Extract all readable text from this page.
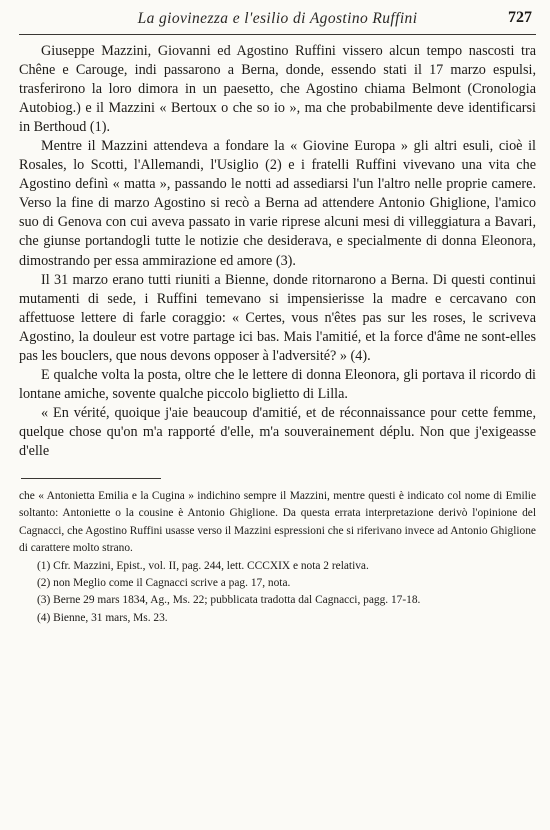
La giovinezza e l'esilio di Agostino Ruffini	727

Giuseppe Mazzini, Giovanni ed Agostino Ruffini vissero alcun tempo nascosti tra Chêne e Carouge, indi passarono a Berna, donde, essendo stati il 17 marzo espulsi, trasferirono la loro dimora in un paesetto, che Agostino chiama Belmont (Cronologia Autobiog.) e il Mazzini « Bertoux o che so io », ma che probabilmente deve identificarsi in Berthoud (1).

Mentre il Mazzini attendeva a fondare la « Giovine Europa » gli altri esuli, cioè il Rosales, lo Scotti, l'Allemandi, l'Usiglio (2) e i fratelli Ruffini vivevano una vita che Agostino definì « matta », passando le notti ad assediarsi l'un l'altro nelle proprie camere. Verso la fine di marzo Agostino si recò a Berna ad attendere Antonio Ghiglione, l'amico suo di Genova con cui aveva passato in varie riprese alcuni mesi di villeggiatura a Bavari, che giunse portandogli tutte le notizie che desiderava, e specialmente di donna Eleonora, dimostrando per essa ammirazione ed amore (3).

Il 31 marzo erano tutti riuniti a Bienne, donde ritornarono a Berna. Di questi continui mutamenti di sede, i Ruffini temevano si impensierisse la madre e cercavano con affettuose lettere di farle coraggio: « Certes, vous n'êtes pas sur les roses, le scriveva Agostino, la douleur est votre partage ici bas. Mais l'amitié, et la force d'âme ne sont-elles pas les bouclers, que nous devons opposer à l'adversité? » (4).

E qualche volta la posta, oltre che le lettere di donna Eleonora, gli portava il ricordo di lontane amiche, sovente qualche piccolo biglietto di Lilla.

« En vérité, quoique j'aie beaucoup d'amitié, et de réconnaissance pour cette femme, quelque chose qu'on m'a rapporté d'elle, m'a souverainement déplu. Non que j'exigeasse d'elle

che « Antonietta Emilia e la Cugina » indichino sempre il Mazzini, mentre questi è indicato col nome di Emilie soltanto: Antoniette o la cousine è Antonio Ghiglione. Da questa errata interpretazione derivò l'opinione del Cagnacci, che Agostino Ruffini usasse verso il Mazzini espressioni che si riferivano invece ad Antonio Ghiglione di carattere molto strano.

(1) Cfr. Mazzini, Epist., vol. II, pag. 244, lett. CCCXIX e nota 2 relativa.

(2) non Meglio come il Cagnacci scrive a pag. 17, nota.

(3) Berne 29 mars 1834, Ag., Ms. 22; pubblicata tradotta dal Cagnacci, pagg. 17-18.

(4) Bienne, 31 mars, Ms. 23.
